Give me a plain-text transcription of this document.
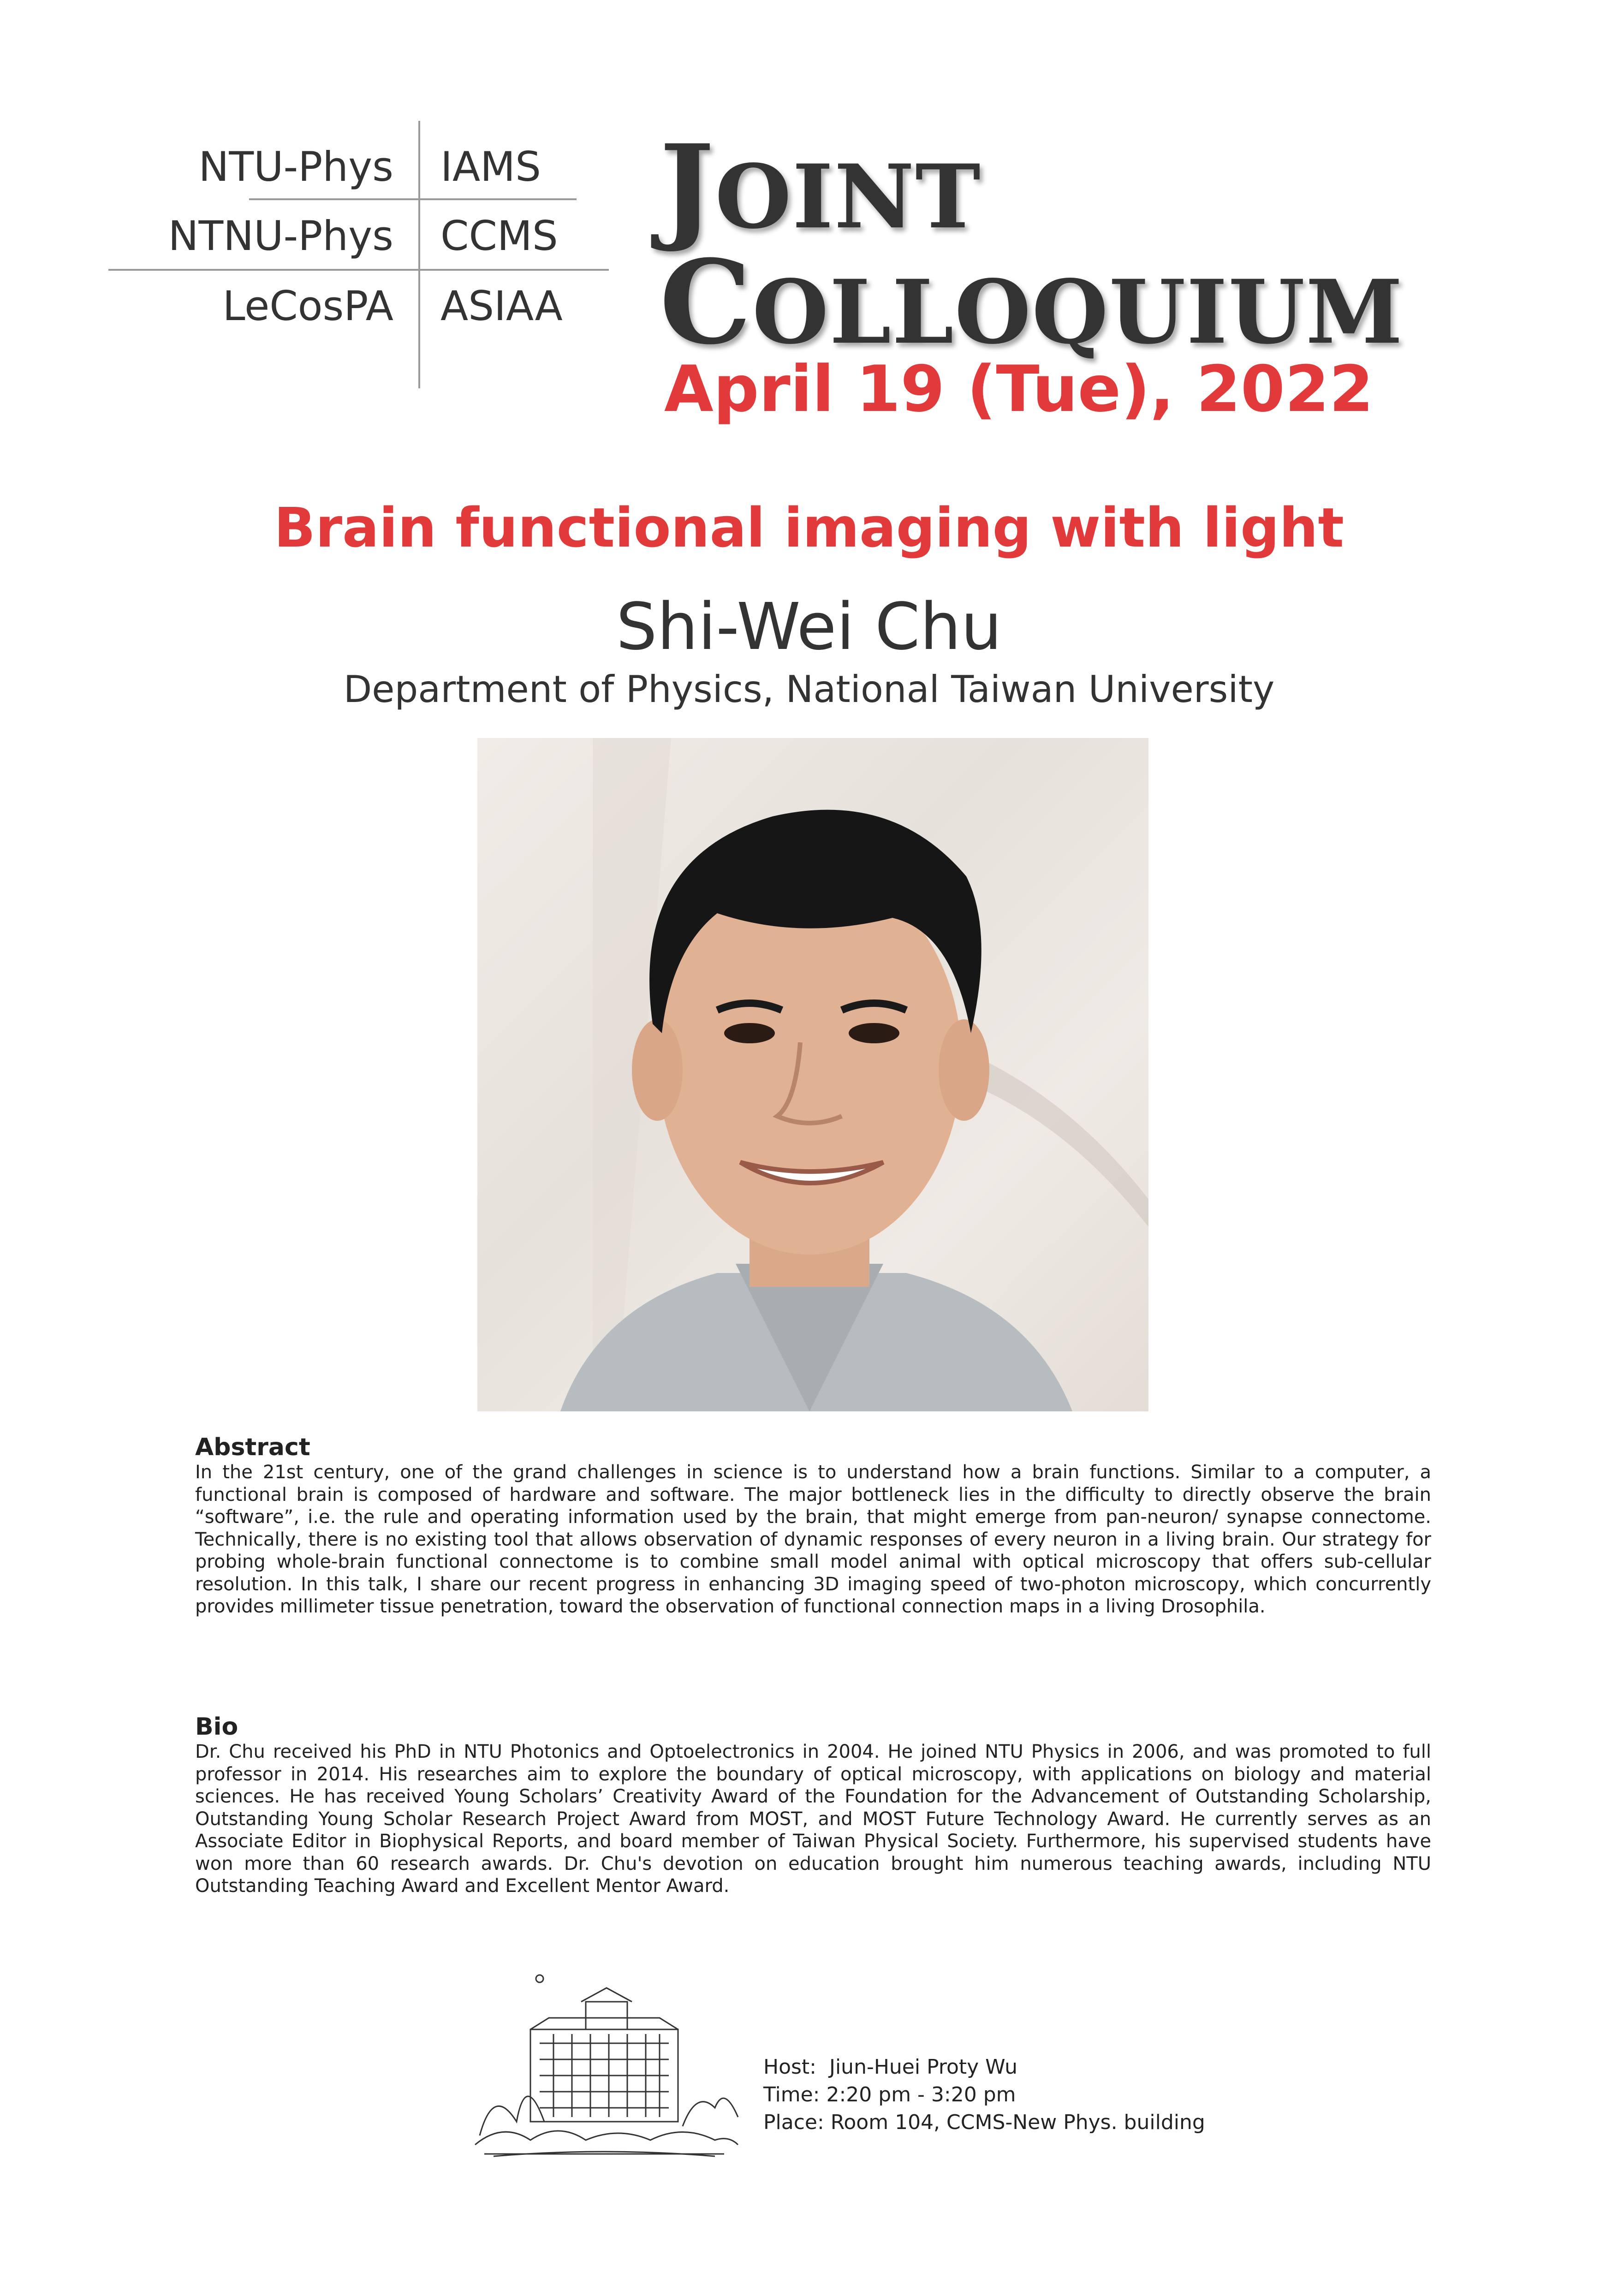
NTU-Phys IAMS
NTNU-Phys CCMS
LeCosPA ASIAA
JOINT
COLLOQUIUM
April 19 (Tue), 2022
Brain functional imaging with light
Shi-Wei Chu
Department of Physics, National Taiwan University
Abstract
In the 21st century, one of the grand challenges in science is to understand how a brain functions. Similar to a computer, a functional brain is composed of hardware and software. The major bottleneck lies in the difficulty to directly observe the brain “software”, i.e. the rule and operating information used by the brain, that might emerge from pan-neuron/ synapse connectome. Technically, there is no existing tool that allows observation of dynamic responses of every neuron in a living brain. Our strategy for probing whole-brain functional connectome is to combine small model animal with optical microscopy that offers sub-cellular resolution. In this talk, I share our recent progress in enhancing 3D imaging speed of two-photon microscopy, which concurrently provides millimeter tissue penetration, toward the observation of functional connection maps in a living Drosophila.
Bio
Dr. Chu received his PhD in NTU Photonics and Optoelectronics in 2004. He joined NTU Physics in 2006, and was promoted to full professor in 2014. His researches aim to explore the boundary of optical microscopy, with applications on biology and material sciences. He has received Young Scholars’ Creativity Award of the Foundation for the Advancement of Outstanding Scholarship, Outstanding Young Scholar Research Project Award from MOST, and MOST Future Technology Award. He currently serves as an Associate Editor in Biophysical Reports, and board member of Taiwan Physical Society. Furthermore, his supervised students have won more than 60 research awards. Dr. Chu's devotion on education brought him numerous teaching awards, including NTU Outstanding Teaching Award and Excellent Mentor Award.
Host:  Jiun-Huei Proty Wu
Time: 2:20 pm - 3:20 pm
Place: Room 104, CCMS-New Phys. building
